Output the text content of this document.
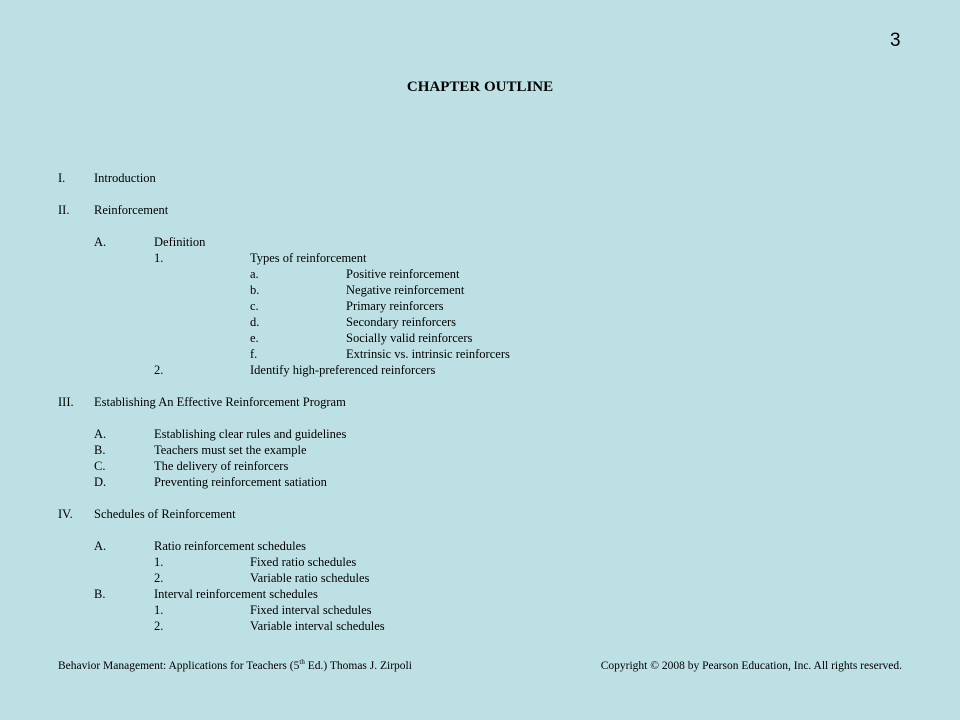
3
CHAPTER OUTLINE
I. Introduction
II. Reinforcement
A.	Definition
1.	Types of reinforcement
a.	Positive reinforcement
b.	Negative reinforcement
c.	Primary reinforcers
d.	Secondary reinforcers
e.	Socially valid reinforcers
f.	Extrinsic vs. intrinsic reinforcers
2.	Identify high-preferenced reinforcers
III. Establishing An Effective Reinforcement Program
A.	Establishing clear rules and guidelines
B.	Teachers must set the example
C.	The delivery of reinforcers
D.	Preventing reinforcement satiation
IV. Schedules of Reinforcement
A.	Ratio reinforcement schedules
1.	Fixed ratio schedules
2.	Variable ratio schedules
B.	Interval reinforcement schedules
1.	Fixed interval schedules
2.	Variable interval schedules
Behavior Management: Applications for Teachers (5th Ed.) Thomas J. Zirpoli	Copyright © 2008 by Pearson Education, Inc. All rights reserved.
